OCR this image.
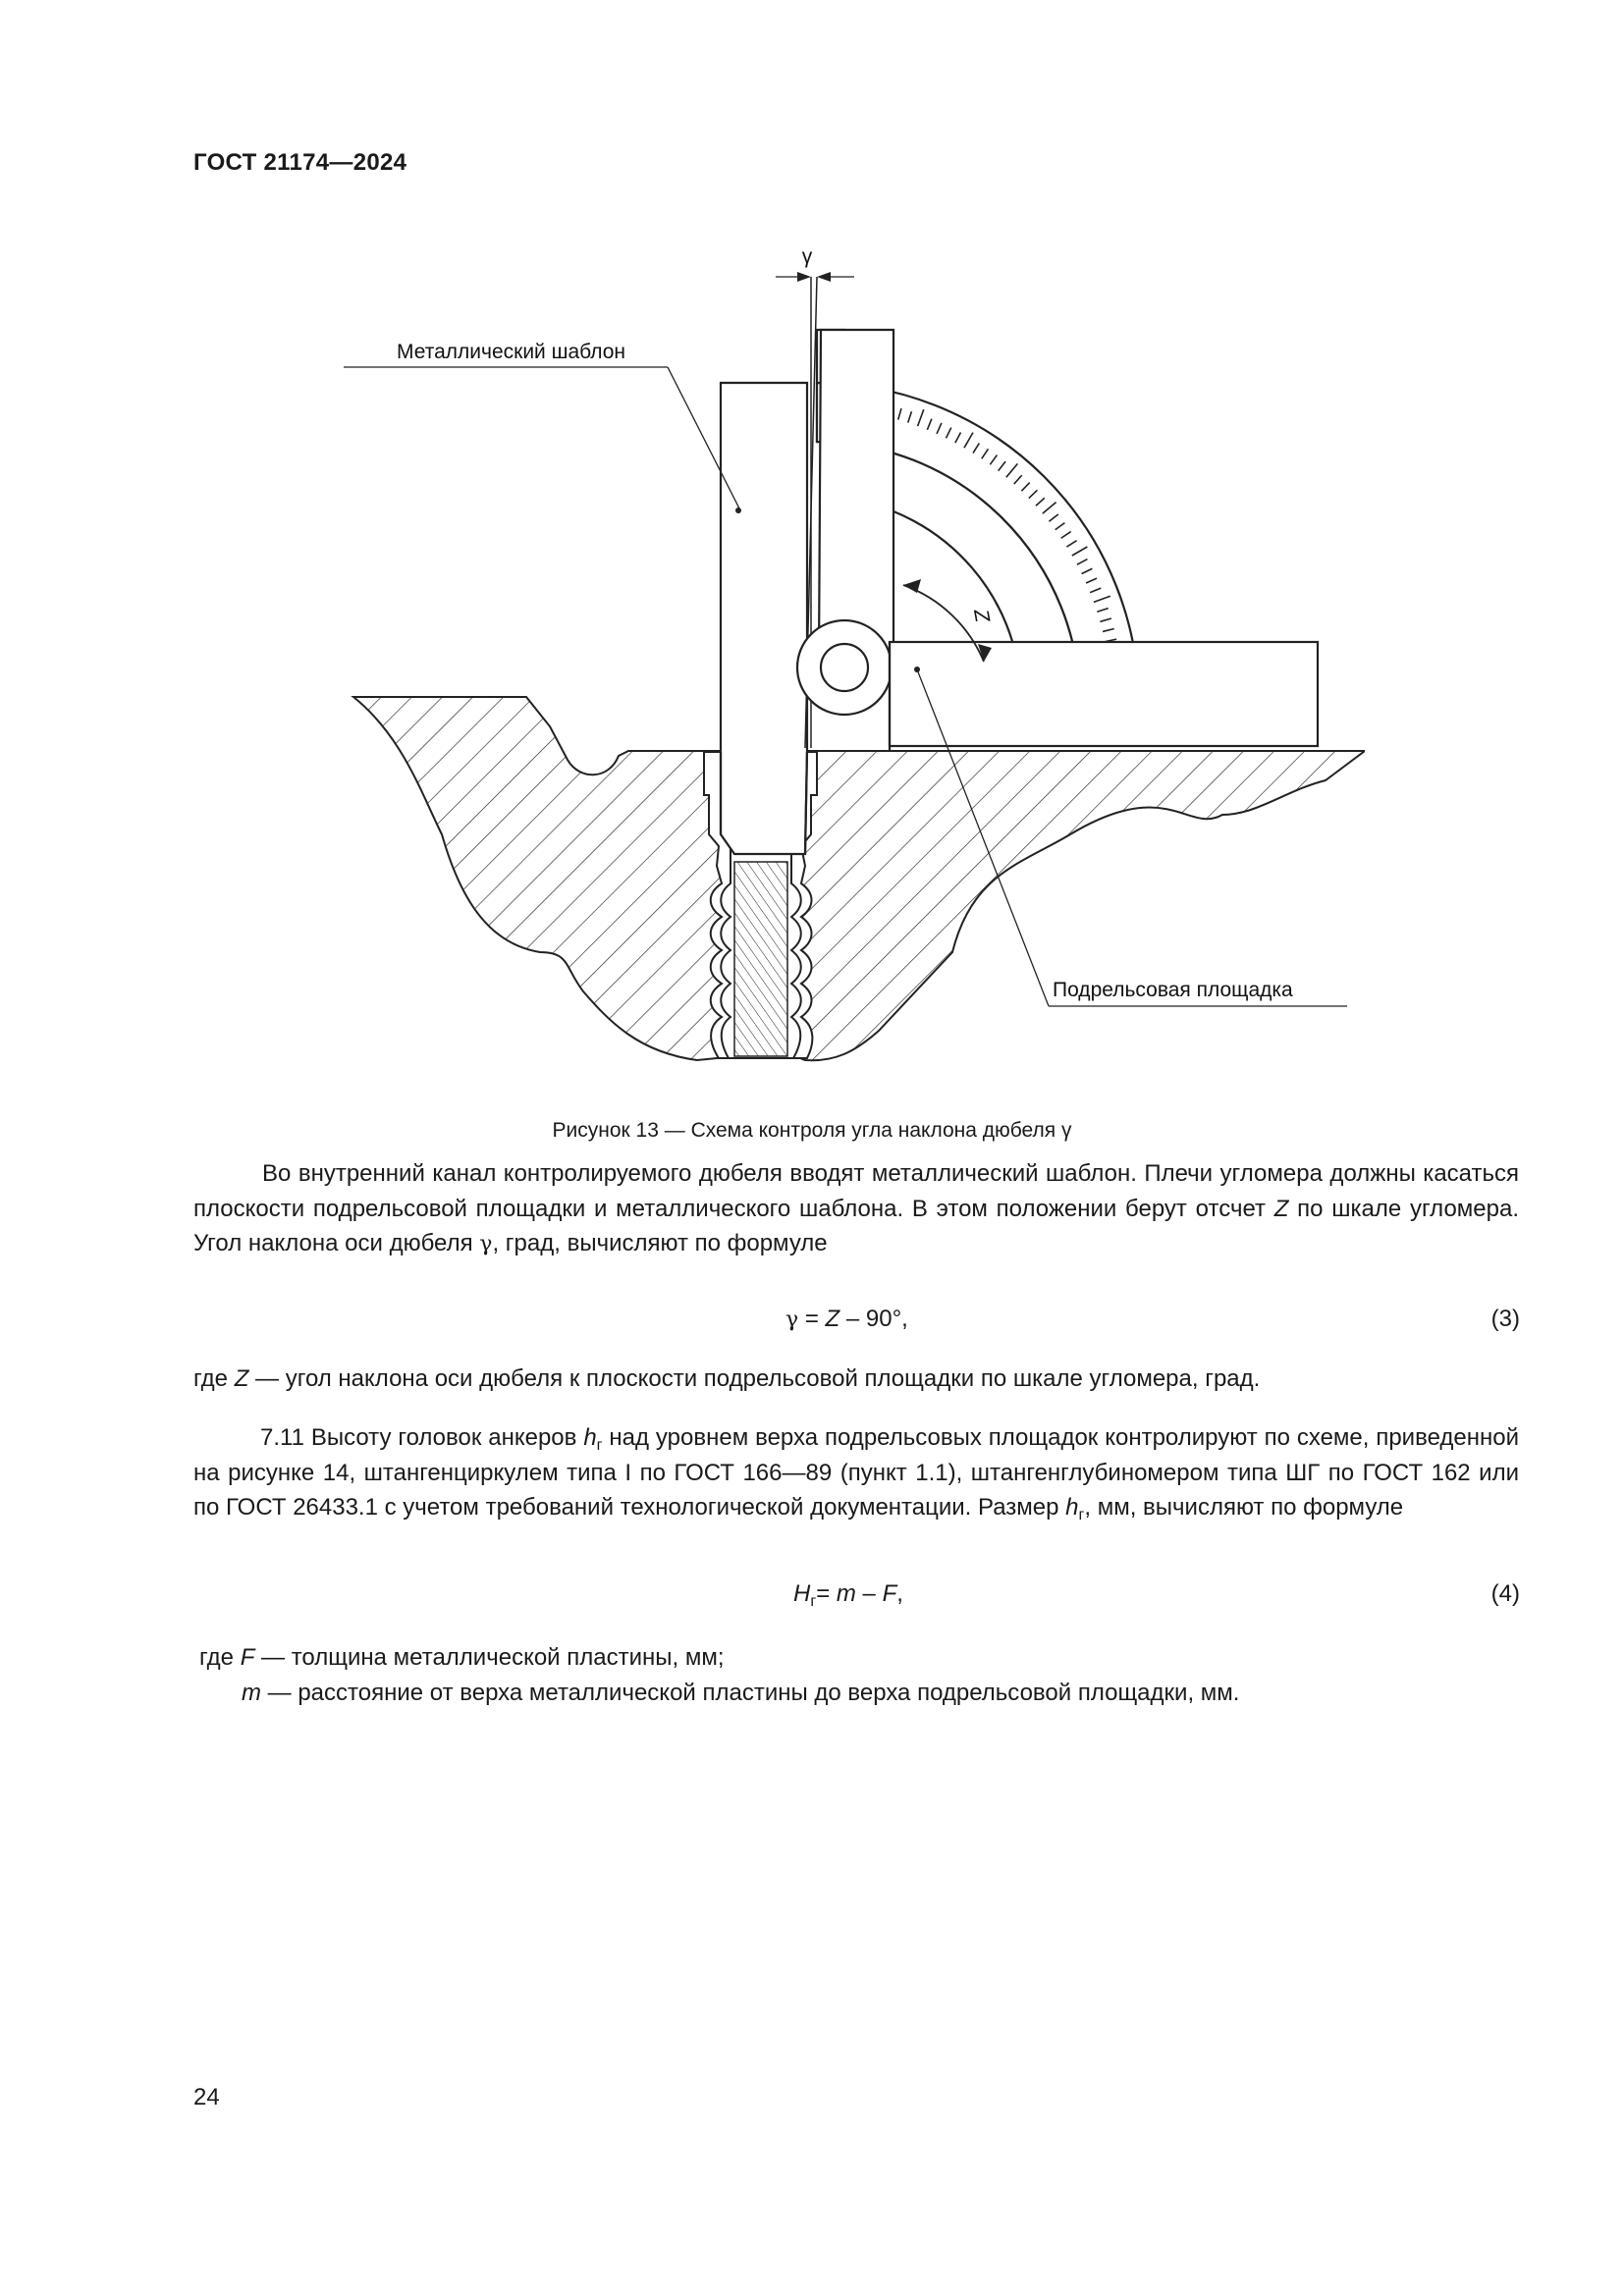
ГОСТ 21174—2024
γ
Z
Металлический шаблон
Подрельсовая площадка
Рисунок 13 — Схема контроля угла наклона дюбеля γ
Во внутренний канал контролируемого дюбеля вводят металлический шаблон. Плечи угломера должны касаться плоскости подрельсовой площадки и металлического шаблона. В этом положении берут отсчет Z по шкале угломера. Угол наклона оси дюбеля γ, град, вычисляют по формуле
γ = Z – 90°,	(3)
где Z — угол наклона оси дюбеля к плоскости подрельсовой площадки по шкале угломера, град.
7.11 Высоту головок анкеров $h_г$ над уровнем верха подрельсовых площадок контролируют по схеме, приведенной на рисунке 14, штангенциркулем типа I по ГОСТ 166—89 (пункт 1.1), штангенглубиномером типа ШГ по ГОСТ 162 или по ГОСТ 26433.1 с учетом требований технологической документации. Размер $h_г$, мм, вычисляют по формуле
$H_г= m - F$,	(4)
где F — толщина металлической пластины, мм;
m — расстояние от верха металлической пластины до верха подрельсовой площадки, мм.
24
